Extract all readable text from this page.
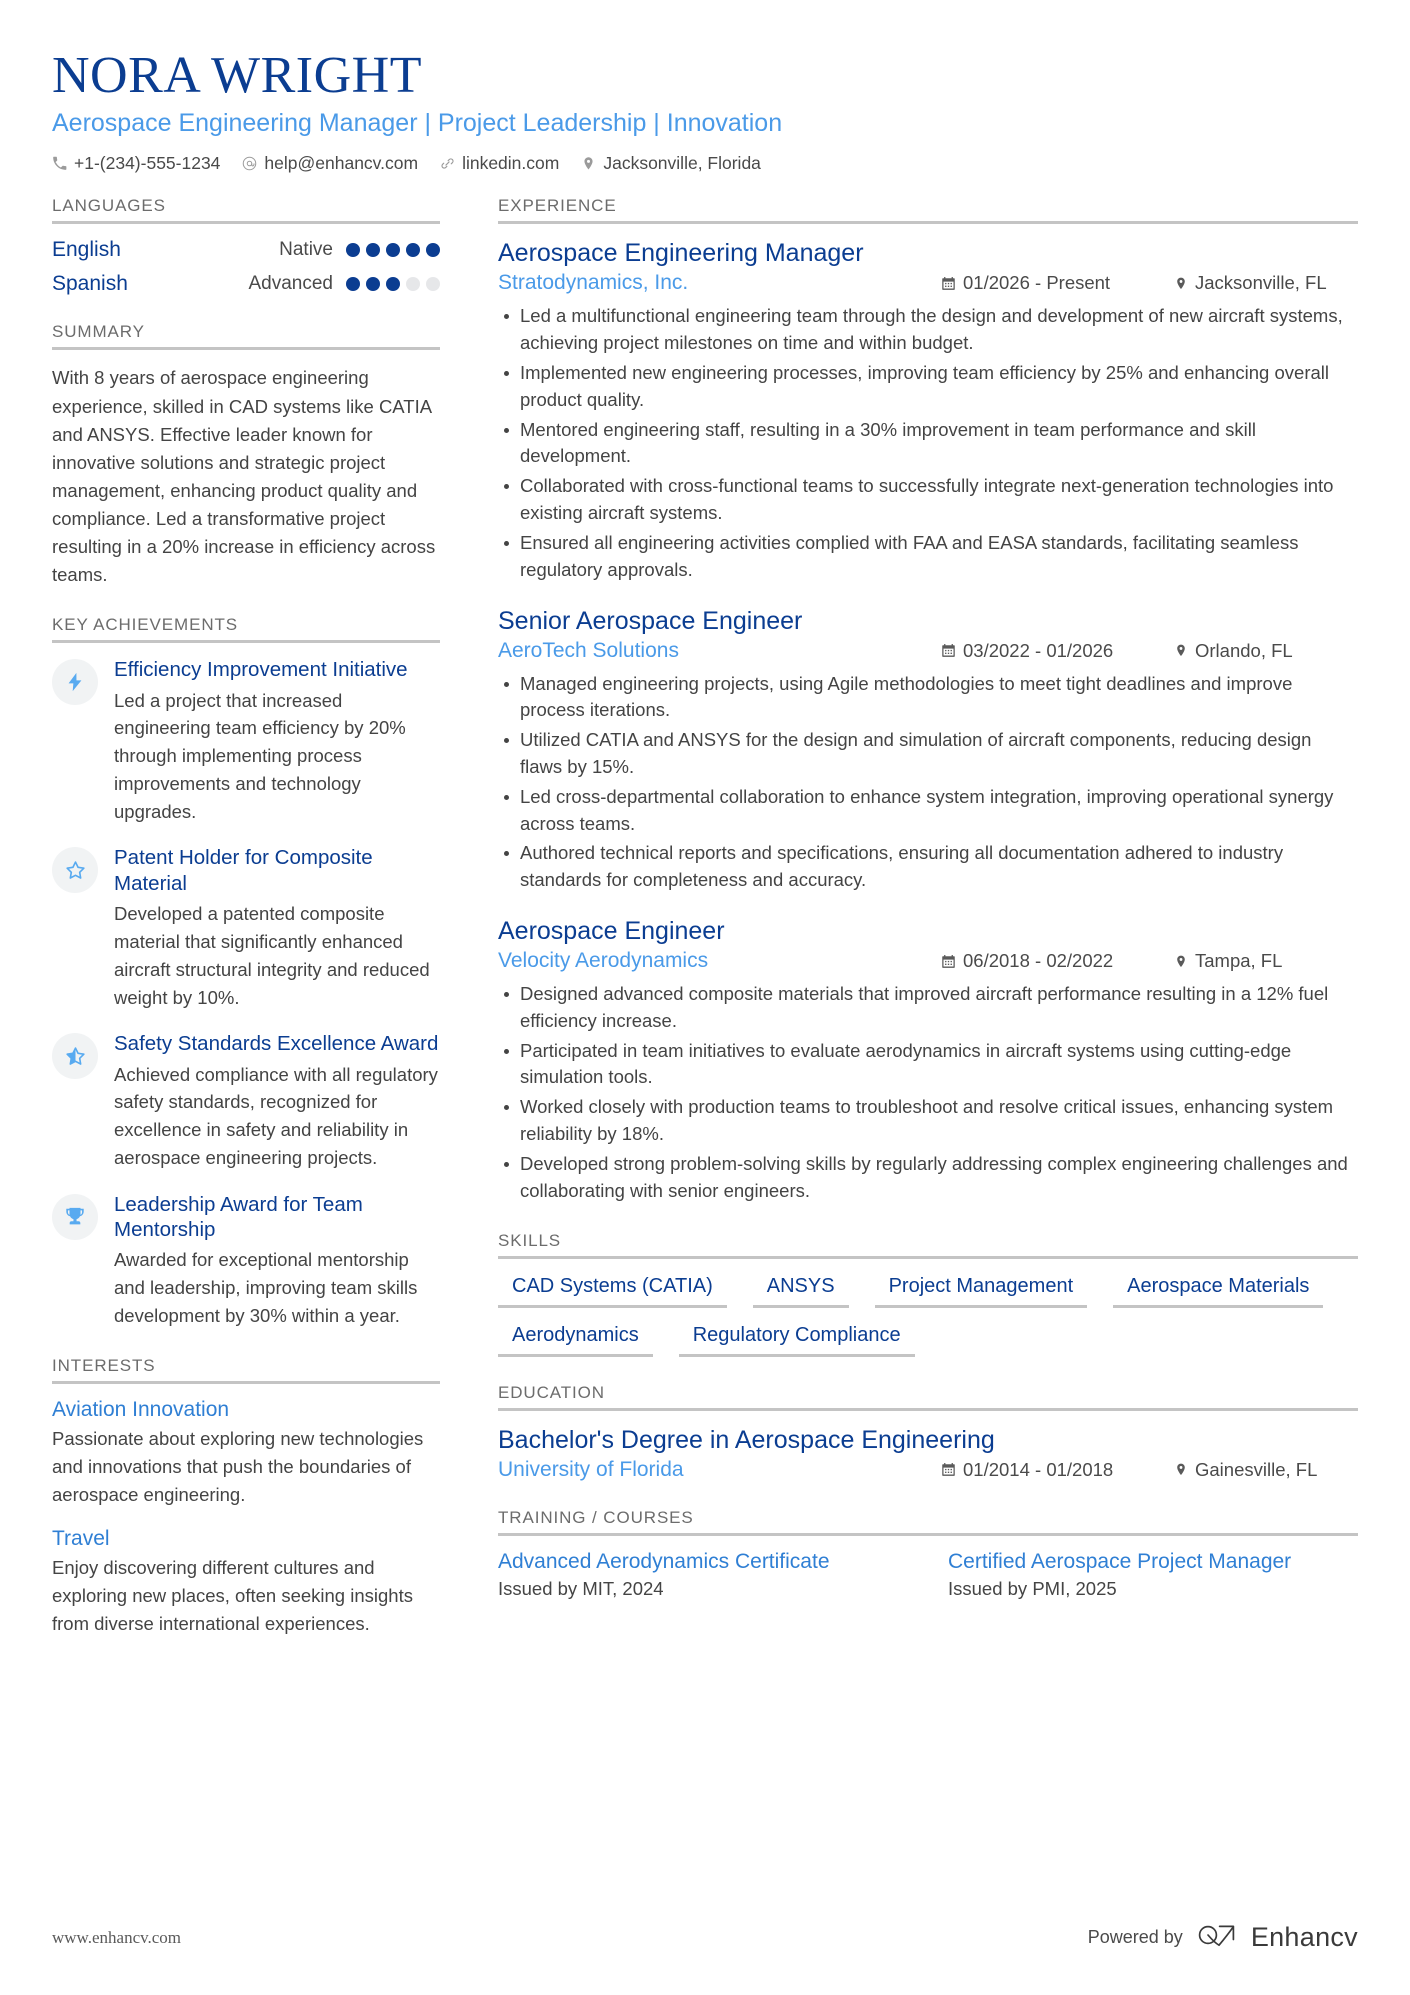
NORA WRIGHT
Aerospace Engineering Manager | Project Leadership | Innovation
+1-(234)-555-1234	help@enhancv.com	linkedin.com	Jacksonville, Florida
LANGUAGES
English	Native
Spanish	Advanced
SUMMARY

With 8 years of aerospace engineering experience, skilled in CAD systems like CATIA and ANSYS. Effective leader known for innovative solutions and strategic project management, enhancing product quality and compliance. Led a transformative project resulting in a 20% increase in efficiency across teams.

KEY ACHIEVEMENTS
Efficiency Improvement Initiative
Led a project that increased engineering team efficiency by 20% through implementing process improvements and technology upgrades.
Patent Holder for Composite Material
Developed a patented composite material that significantly enhanced aircraft structural integrity and reduced weight by 10%.
Safety Standards Excellence Award
Achieved compliance with all regulatory safety standards, recognized for excellence in safety and reliability in aerospace engineering projects.
Leadership Award for Team Mentorship
Awarded for exceptional mentorship and leadership, improving team skills development by 30% within a year.
INTERESTS
Aviation Innovation
Passionate about exploring new technologies and innovations that push the boundaries of aerospace engineering.
Travel
Enjoy discovering different cultures and exploring new places, often seeking insights from diverse international experiences.
EXPERIENCE
Aerospace Engineering Manager
Stratodynamics, Inc.	01/2026 - Present	Jacksonville, FL
Led a multifunctional engineering team through the design and development of new aircraft systems, achieving project milestones on time and within budget.
Implemented new engineering processes, improving team efficiency by 25% and enhancing overall product quality.
Mentored engineering staff, resulting in a 30% improvement in team performance and skill development.
Collaborated with cross-functional teams to successfully integrate next-generation technologies into existing aircraft systems.
Ensured all engineering activities complied with FAA and EASA standards, facilitating seamless regulatory approvals.
Senior Aerospace Engineer
AeroTech Solutions	03/2022 - 01/2026	Orlando, FL
Managed engineering projects, using Agile methodologies to meet tight deadlines and improve process iterations.
Utilized CATIA and ANSYS for the design and simulation of aircraft components, reducing design flaws by 15%.
Led cross-departmental collaboration to enhance system integration, improving operational synergy across teams.
Authored technical reports and specifications, ensuring all documentation adhered to industry standards for completeness and accuracy.
Aerospace Engineer
Velocity Aerodynamics	06/2018 - 02/2022	Tampa, FL
Designed advanced composite materials that improved aircraft performance resulting in a 12% fuel efficiency increase.
Participated in team initiatives to evaluate aerodynamics in aircraft systems using cutting-edge simulation tools.
Worked closely with production teams to troubleshoot and resolve critical issues, enhancing system reliability by 18%.
Developed strong problem-solving skills by regularly addressing complex engineering challenges and collaborating with senior engineers.
SKILLS
CAD Systems (CATIA)	ANSYS	Project Management	Aerospace Materials
Aerodynamics	Regulatory Compliance
EDUCATION
Bachelor's Degree in Aerospace Engineering
University of Florida	01/2014 - 01/2018	Gainesville, FL
TRAINING / COURSES
Advanced Aerodynamics Certificate
Issued by MIT, 2024
Certified Aerospace Project Manager
Issued by PMI, 2025
www.enhancv.com	Powered by	Enhancv
